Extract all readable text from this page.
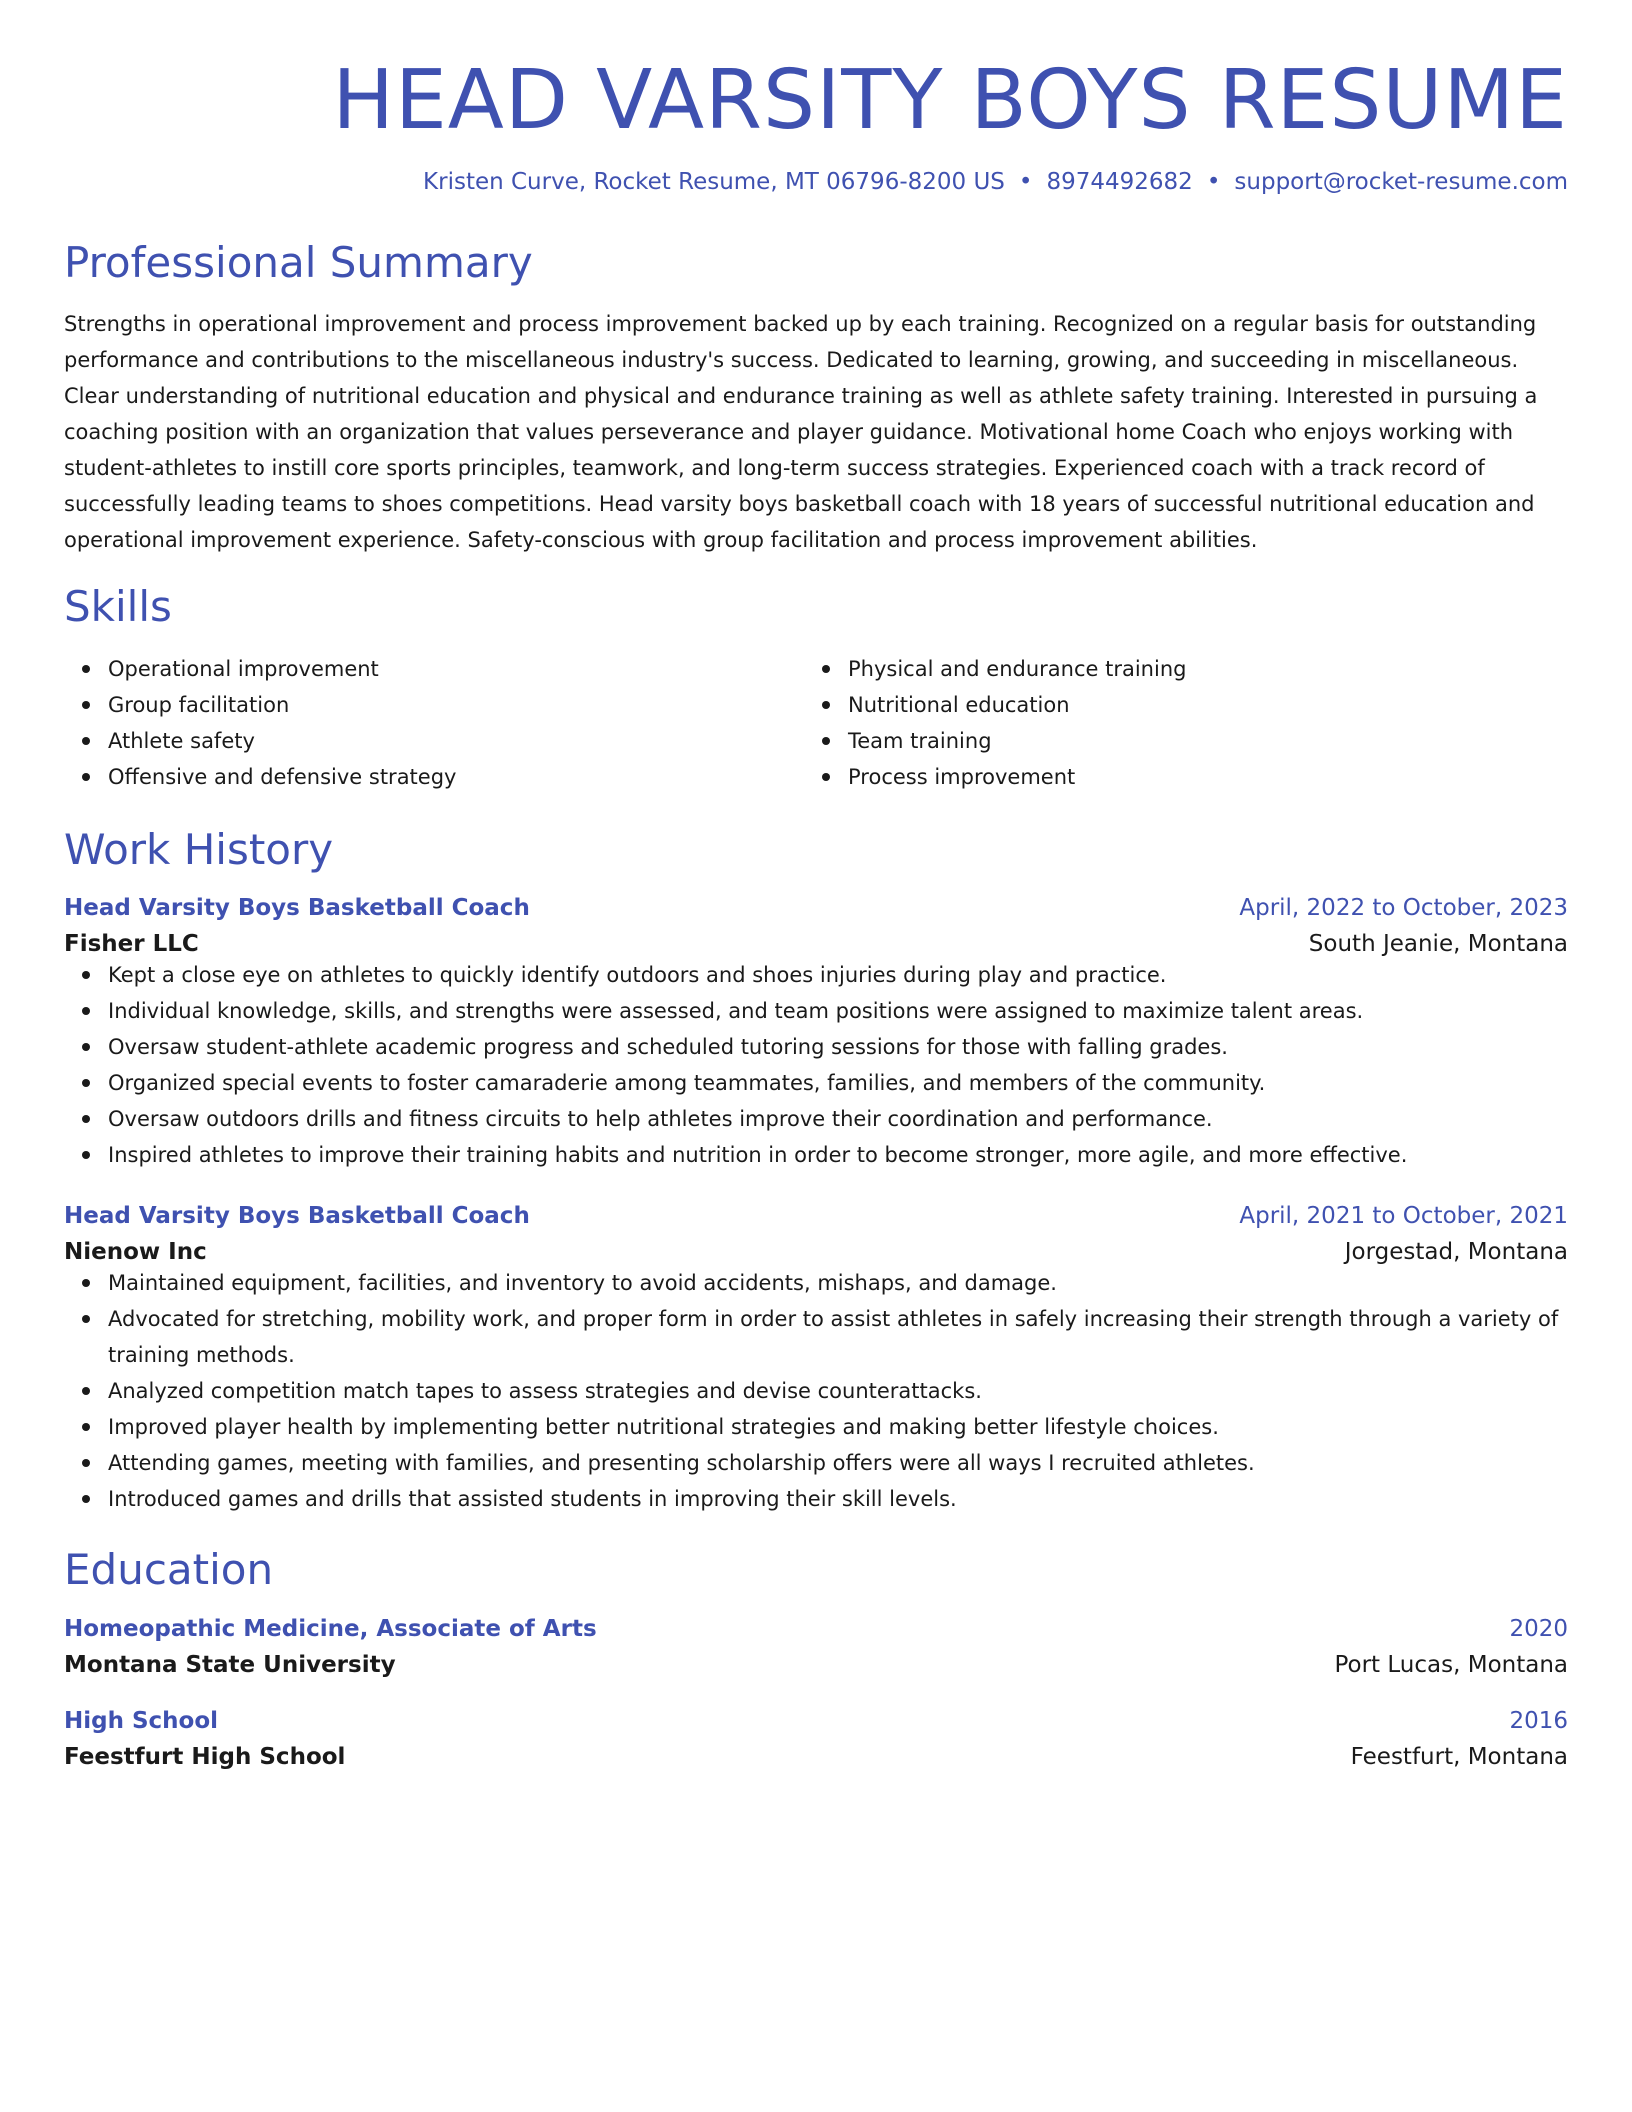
HEAD VARSITY BOYS RESUME
Kristen Curve, Rocket Resume, MT 06796-8200 US • 8974492682 • support@rocket-resume.com
Professional Summary
Strengths in operational improvement and process improvement backed up by each training. Recognized on a regular basis for outstanding performance and contributions to the miscellaneous industry's success. Dedicated to learning, growing, and succeeding in miscellaneous. Clear understanding of nutritional education and physical and endurance training as well as athlete safety training. Interested in pursuing a coaching position with an organization that values perseverance and player guidance. Motivational home Coach who enjoys working with student-athletes to instill core sports principles, teamwork, and long-term success strategies. Experienced coach with a track record of successfully leading teams to shoes competitions. Head varsity boys basketball coach with 18 years of successful nutritional education and operational improvement experience. Safety-conscious with group facilitation and process improvement abilities.
Skills
Operational improvement
Group facilitation
Athlete safety
Offensive and defensive strategy
Physical and endurance training
Nutritional education
Team training
Process improvement
Work History
Head Varsity Boys Basketball Coach	April, 2022 to October, 2023
Fisher LLC	South Jeanie, Montana
Kept a close eye on athletes to quickly identify outdoors and shoes injuries during play and practice.
Individual knowledge, skills, and strengths were assessed, and team positions were assigned to maximize talent areas.
Oversaw student-athlete academic progress and scheduled tutoring sessions for those with falling grades.
Organized special events to foster camaraderie among teammates, families, and members of the community.
Oversaw outdoors drills and fitness circuits to help athletes improve their coordination and performance.
Inspired athletes to improve their training habits and nutrition in order to become stronger, more agile, and more effective.
Head Varsity Boys Basketball Coach	April, 2021 to October, 2021
Nienow Inc	Jorgestad, Montana
Maintained equipment, facilities, and inventory to avoid accidents, mishaps, and damage.
Advocated for stretching, mobility work, and proper form in order to assist athletes in safely increasing their strength through a variety of training methods.
Analyzed competition match tapes to assess strategies and devise counterattacks.
Improved player health by implementing better nutritional strategies and making better lifestyle choices.
Attending games, meeting with families, and presenting scholarship offers were all ways I recruited athletes.
Introduced games and drills that assisted students in improving their skill levels.
Education
Homeopathic Medicine, Associate of Arts	2020
Montana State University	Port Lucas, Montana
High School	2016
Feestfurt High School	Feestfurt, Montana
